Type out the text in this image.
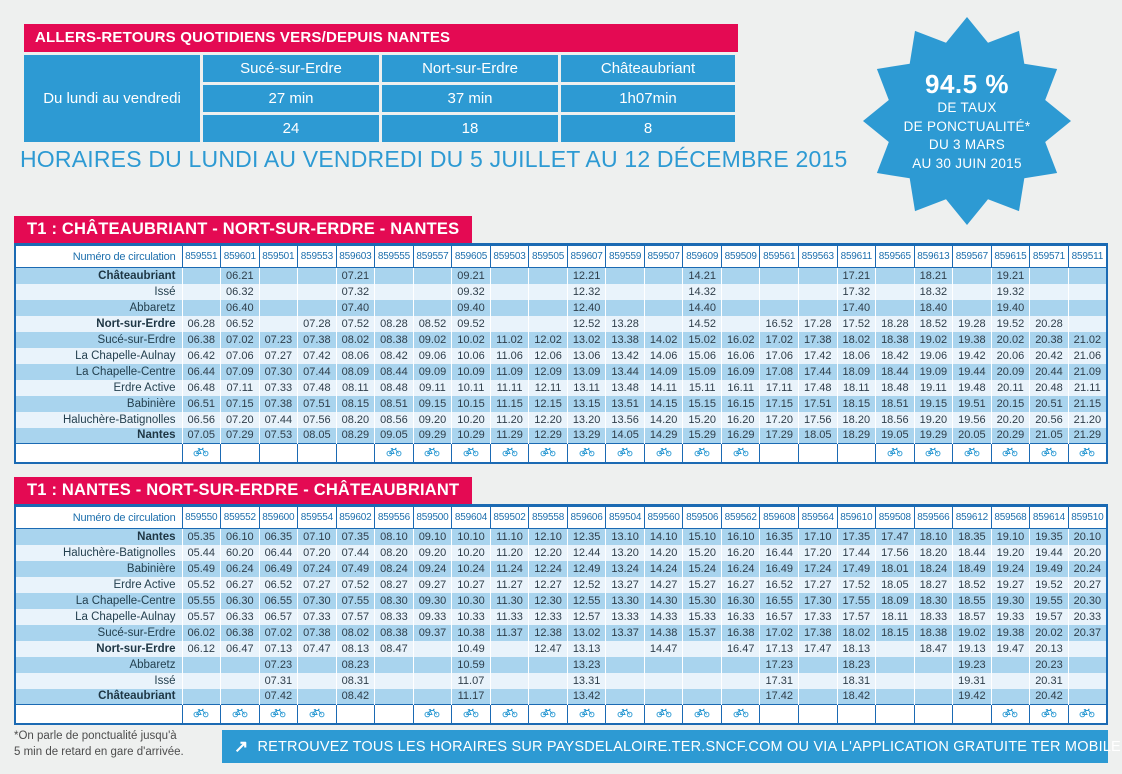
ALLERS-RETOURS QUOTIDIENS VERS/DEPUIS NANTES
Du lundi au vendredi
Sucé-sur-Erdre	Nort-sur-Erdre	Châteaubriant
27 min	37 min	1h07min
24	18	8
94.5 %
DE TAUX
DE PONCTUALITÉ*
DU 3 MARS
AU 30 JUIN 2015
HORAIRES DU LUNDI AU VENDREDI DU 5 JUILLET AU 12 DÉCEMBRE 2015
T1 : CHÂTEAUBRIANT - NORT-SUR-ERDRE - NANTES
Numéro de circulation	859551	859601	859501	859553	859603	859555	859557	859605	859503	859505	859607	859559	859507	859609	859509	859561	859563	859611	859565	859613	859567	859615	859571	859511
Châteaubriant		06.21			07.21			09.21			12.21			14.21				17.21		18.21		19.21		
Issé		06.32			07.32			09.32			12.32			14.32				17.32		18.32		19.32		
Abbaretz		06.40			07.40			09.40			12.40			14.40				17.40		18.40		19.40		
Nort-sur-Erdre	06.28	06.52		07.28	07.52	08.28	08.52	09.52			12.52	13.28		14.52		16.52	17.28	17.52	18.28	18.52	19.28	19.52	20.28	
Sucé-sur-Erdre	06.38	07.02	07.23	07.38	08.02	08.38	09.02	10.02	11.02	12.02	13.02	13.38	14.02	15.02	16.02	17.02	17.38	18.02	18.38	19.02	19.38	20.02	20.38	21.02
La Chapelle-Aulnay	06.42	07.06	07.27	07.42	08.06	08.42	09.06	10.06	11.06	12.06	13.06	13.42	14.06	15.06	16.06	17.06	17.42	18.06	18.42	19.06	19.42	20.06	20.42	21.06
La Chapelle-Centre	06.44	07.09	07.30	07.44	08.09	08.44	09.09	10.09	11.09	12.09	13.09	13.44	14.09	15.09	16.09	17.08	17.44	18.09	18.44	19.09	19.44	20.09	20.44	21.09
Erdre Active	06.48	07.11	07.33	07.48	08.11	08.48	09.11	10.11	11.11	12.11	13.11	13.48	14.11	15.11	16.11	17.11	17.48	18.11	18.48	19.11	19.48	20.11	20.48	21.11
Babinière	06.51	07.15	07.38	07.51	08.15	08.51	09.15	10.15	11.15	12.15	13.15	13.51	14.15	15.15	16.15	17.15	17.51	18.15	18.51	19.15	19.51	20.15	20.51	21.15
Haluchère-Batignolles	06.56	07.20	07.44	07.56	08.20	08.56	09.20	10.20	11.20	12.20	13.20	13.56	14.20	15.20	16.20	17.20	17.56	18.20	18.56	19.20	19.56	20.20	20.56	21.20
Nantes	07.05	07.29	07.53	08.05	08.29	09.05	09.29	10.29	11.29	12.29	13.29	14.05	14.29	15.29	16.29	17.29	18.05	18.29	19.05	19.29	20.05	20.29	21.05	21.29

T1 : NANTES - NORT-SUR-ERDRE - CHÂTEAUBRIANT
Numéro de circulation	859550	859552	859600	859554	859602	859556	859500	859604	859502	859558	859606	859504	859560	859506	859562	859608	859564	859610	859508	859566	859612	859568	859614	859510
Nantes	05.35	06.10	06.35	07.10	07.35	08.10	09.10	10.10	11.10	12.10	12.35	13.10	14.10	15.10	16.10	16.35	17.10	17.35	17.47	18.10	18.35	19.10	19.35	20.10
Haluchère-Batignolles	05.44	60.20	06.44	07.20	07.44	08.20	09.20	10.20	11.20	12.20	12.44	13.20	14.20	15.20	16.20	16.44	17.20	17.44	17.56	18.20	18.44	19.20	19.44	20.20
Babinière	05.49	06.24	06.49	07.24	07.49	08.24	09.24	10.24	11.24	12.24	12.49	13.24	14.24	15.24	16.24	16.49	17.24	17.49	18.01	18.24	18.49	19.24	19.49	20.24
Erdre Active	05.52	06.27	06.52	07.27	07.52	08.27	09.27	10.27	11.27	12.27	12.52	13.27	14.27	15.27	16.27	16.52	17.27	17.52	18.05	18.27	18.52	19.27	19.52	20.27
La Chapelle-Centre	05.55	06.30	06.55	07.30	07.55	08.30	09.30	10.30	11.30	12.30	12.55	13.30	14.30	15.30	16.30	16.55	17.30	17.55	18.09	18.30	18.55	19.30	19.55	20.30
La Chapelle-Aulnay	05.57	06.33	06.57	07.33	07.57	08.33	09.33	10.33	11.33	12.33	12.57	13.33	14.33	15.33	16.33	16.57	17.33	17.57	18.11	18.33	18.57	19.33	19.57	20.33
Sucé-sur-Erdre	06.02	06.38	07.02	07.38	08.02	08.38	09.37	10.38	11.37	12.38	13.02	13.37	14.38	15.37	16.38	17.02	17.38	18.02	18.15	18.38	19.02	19.38	20.02	20.37
Nort-sur-Erdre	06.12	06.47	07.13	07.47	08.13	08.47		10.49		12.47	13.13		14.47		16.47	17.13	17.47	18.13		18.47	19.13	19.47	20.13	
Abbaretz			07.23		08.23			10.59			13.23					17.23		18.23			19.23		20.23	
Issé			07.31		08.31			11.07			13.31					17.31		18.31			19.31		20.31	
Châteaubriant			07.42		08.42			11.17			13.42					17.42		18.42			19.42		20.42	

*On parle de ponctualité jusqu'à
5 min de retard en gare d'arrivée.	↗ RETROUVEZ TOUS LES HORAIRES SUR PAYSDELALOIRE.TER.SNCF.COM OU VIA L'APPLICATION GRATUITE TER MOBILE
